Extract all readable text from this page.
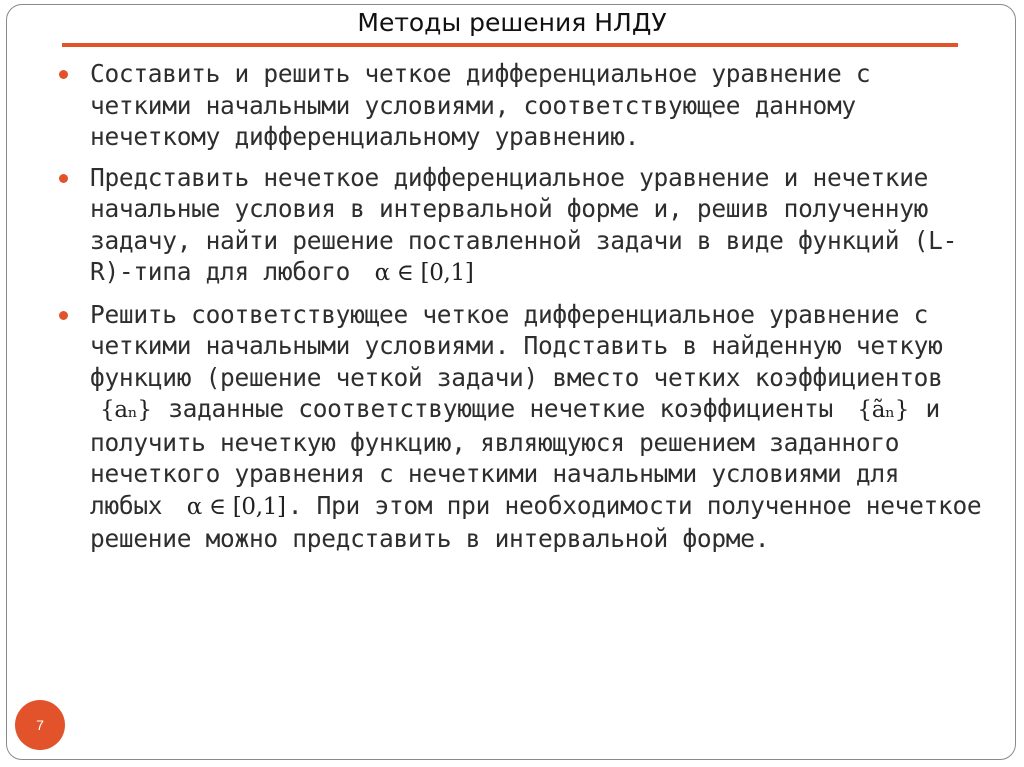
Методы решения НЛДУ
Составить и решить четкое дифференциальное уравнение с четкими начальными условиями, соответствующее данному нечеткому дифференциальному уравнению.
Представить нечеткое дифференциальное уравнение и нечеткие начальные условия в интервальной форме и, решив полученную задачу, найти решение поставленной задачи в виде функций (L-R)-типа для любого α ∈ [0,1]
Решить соответствующее четкое дифференциальное уравнение с четкими начальными условиями. Подставить в найденную четкую функцию (решение четкой задачи) вместо четких коэффициентов {aₙ} заданные соответствующие нечеткие коэффициенты {ãₙ} и получить нечеткую функцию, являющуюся решением заданного нечеткого уравнения с нечеткими начальными условиями для любых α ∈ [0,1]. При этом при необходимости полученное нечеткое решение можно представить в интервальной форме.
7
